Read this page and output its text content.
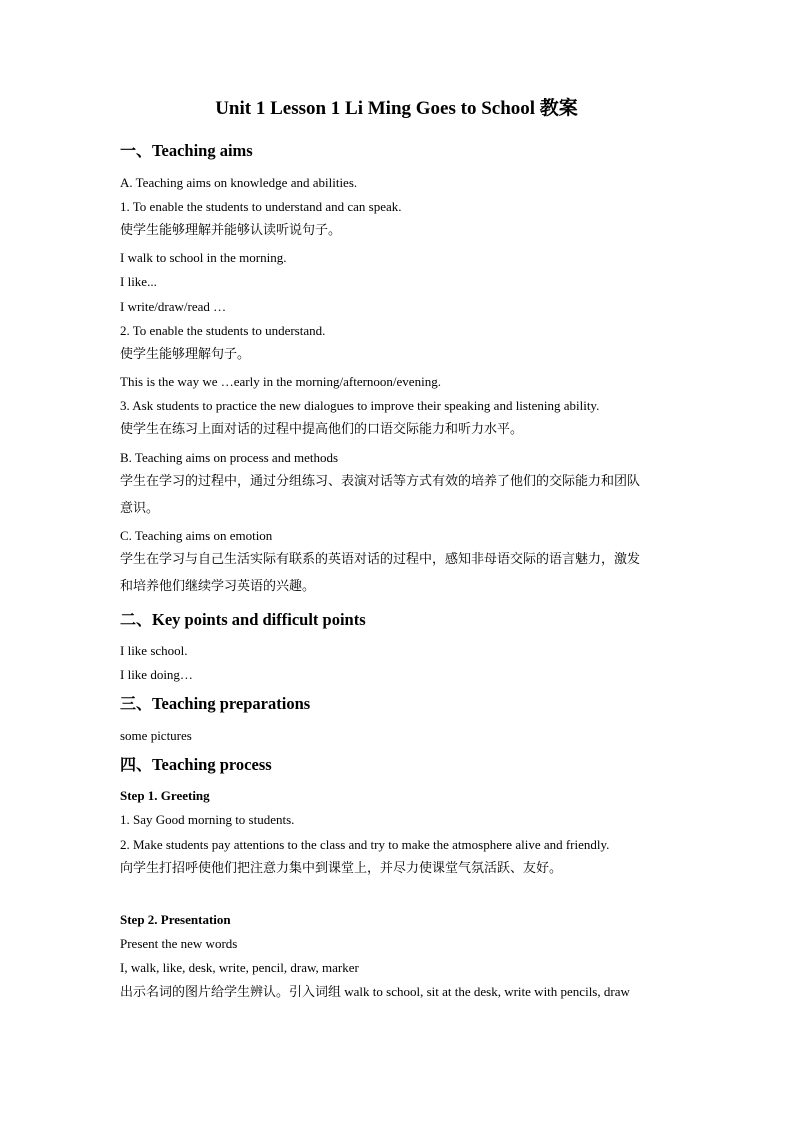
Unit 1 Lesson 1 Li Ming Goes to School 教案
一、Teaching aims
A. Teaching aims on knowledge and abilities.
1. To enable the students to understand and can speak.
使学生能够理解并能够认读听说句子。
I walk to school in the morning.
I like...
I write/draw/read …
2. To enable the students to understand.
使学生能够理解句子。
This is the way we …early in the morning/afternoon/evening.
3. Ask students to practice the new dialogues to improve their speaking and listening ability.
使学生在练习上面对话的过程中提高他们的口语交际能力和听力水平。
B. Teaching aims on process and methods
学生在学习的过程中，通过分组练习、表演对话等方式有效的培养了他们的交际能力和团队
意识。
C. Teaching aims on emotion
学生在学习与自己生活实际有联系的英语对话的过程中，感知非母语交际的语言魅力，激发
和培养他们继续学习英语的兴趣。
二、Key points and difficult points
I like school.
I like doing…
三、Teaching preparations
some pictures
四、Teaching process
Step 1. Greeting
1. Say Good morning to students.
2. Make students pay attentions to the class and try to make the atmosphere alive and friendly.
向学生打招呼使他们把注意力集中到课堂上，并尽力使课堂气氛活跃、友好。
Step 2. Presentation
Present the new words
I, walk, like, desk, write, pencil, draw, marker
出示名词的图片给学生辨认。引入词组 walk to school, sit at the desk, write with pencils, draw
